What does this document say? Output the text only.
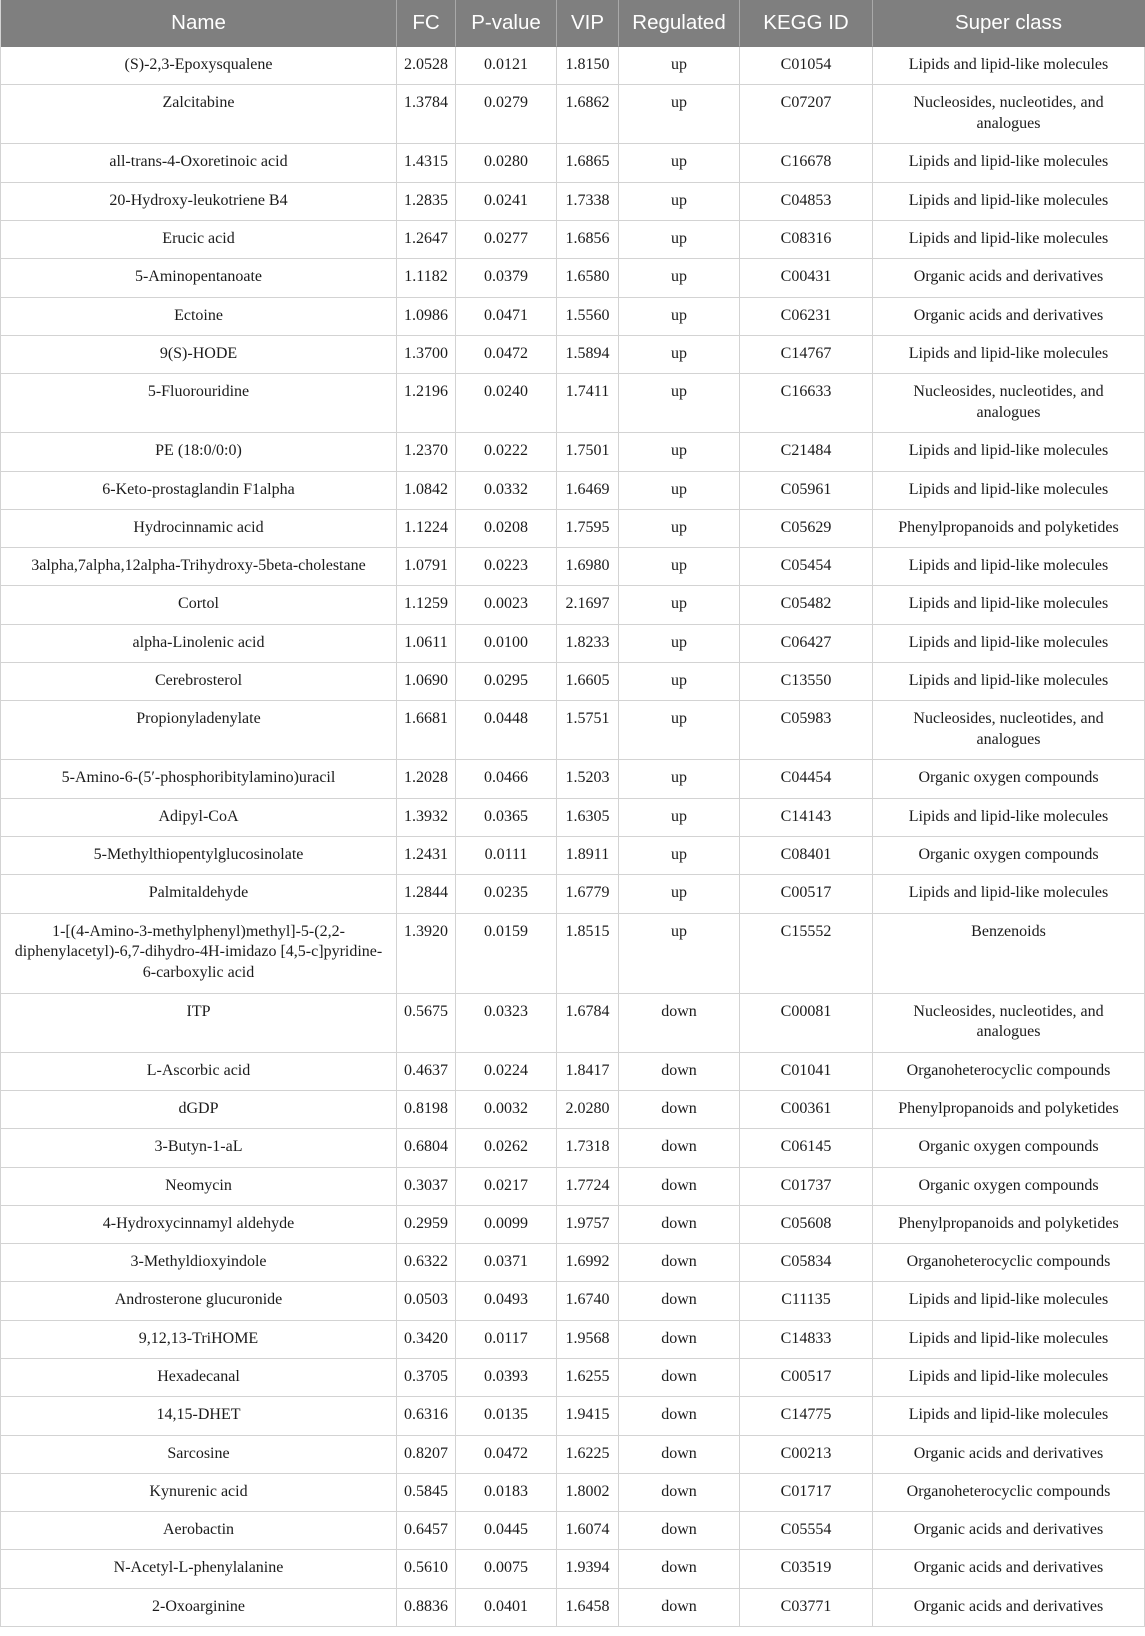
Name	FC	P-value	VIP	Regulated	KEGG ID	Super class
(S)-2,3-Epoxysqualene	2.0528	0.0121	1.8150	up	C01054	Lipids and lipid-like molecules
Zalcitabine	1.3784	0.0279	1.6862	up	C07207	Nucleosides, nucleotides, and analogues
all-trans-4-Oxoretinoic acid	1.4315	0.0280	1.6865	up	C16678	Lipids and lipid-like molecules
20-Hydroxy-leukotriene B4	1.2835	0.0241	1.7338	up	C04853	Lipids and lipid-like molecules
Erucic acid	1.2647	0.0277	1.6856	up	C08316	Lipids and lipid-like molecules
5-Aminopentanoate	1.1182	0.0379	1.6580	up	C00431	Organic acids and derivatives
Ectoine	1.0986	0.0471	1.5560	up	C06231	Organic acids and derivatives
9(S)-HODE	1.3700	0.0472	1.5894	up	C14767	Lipids and lipid-like molecules
5-Fluorouridine	1.2196	0.0240	1.7411	up	C16633	Nucleosides, nucleotides, and analogues
PE (18:0/0:0)	1.2370	0.0222	1.7501	up	C21484	Lipids and lipid-like molecules
6-Keto-prostaglandin F1alpha	1.0842	0.0332	1.6469	up	C05961	Lipids and lipid-like molecules
Hydrocinnamic acid	1.1224	0.0208	1.7595	up	C05629	Phenylpropanoids and polyketides
3alpha,7alpha,12alpha-Trihydroxy-5beta-cholestane	1.0791	0.0223	1.6980	up	C05454	Lipids and lipid-like molecules
Cortol	1.1259	0.0023	2.1697	up	C05482	Lipids and lipid-like molecules
alpha-Linolenic acid	1.0611	0.0100	1.8233	up	C06427	Lipids and lipid-like molecules
Cerebrosterol	1.0690	0.0295	1.6605	up	C13550	Lipids and lipid-like molecules
Propionyladenylate	1.6681	0.0448	1.5751	up	C05983	Nucleosides, nucleotides, and analogues
5-Amino-6-(5′-phosphoribitylamino)uracil	1.2028	0.0466	1.5203	up	C04454	Organic oxygen compounds
Adipyl-CoA	1.3932	0.0365	1.6305	up	C14143	Lipids and lipid-like molecules
5-Methylthiopentylglucosinolate	1.2431	0.0111	1.8911	up	C08401	Organic oxygen compounds
Palmitaldehyde	1.2844	0.0235	1.6779	up	C00517	Lipids and lipid-like molecules
1-[(4-Amino-3-methylphenyl)methyl]-5-(2,2-diphenylacetyl)-6,7-dihydro-4H-imidazo [4,5-c]pyridine-6-carboxylic acid	1.3920	0.0159	1.8515	up	C15552	Benzenoids
ITP	0.5675	0.0323	1.6784	down	C00081	Nucleosides, nucleotides, and analogues
L-Ascorbic acid	0.4637	0.0224	1.8417	down	C01041	Organoheterocyclic compounds
dGDP	0.8198	0.0032	2.0280	down	C00361	Phenylpropanoids and polyketides
3-Butyn-1-aL	0.6804	0.0262	1.7318	down	C06145	Organic oxygen compounds
Neomycin	0.3037	0.0217	1.7724	down	C01737	Organic oxygen compounds
4-Hydroxycinnamyl aldehyde	0.2959	0.0099	1.9757	down	C05608	Phenylpropanoids and polyketides
3-Methyldioxyindole	0.6322	0.0371	1.6992	down	C05834	Organoheterocyclic compounds
Androsterone glucuronide	0.0503	0.0493	1.6740	down	C11135	Lipids and lipid-like molecules
9,12,13-TriHOME	0.3420	0.0117	1.9568	down	C14833	Lipids and lipid-like molecules
Hexadecanal	0.3705	0.0393	1.6255	down	C00517	Lipids and lipid-like molecules
14,15-DHET	0.6316	0.0135	1.9415	down	C14775	Lipids and lipid-like molecules
Sarcosine	0.8207	0.0472	1.6225	down	C00213	Organic acids and derivatives
Kynurenic acid	0.5845	0.0183	1.8002	down	C01717	Organoheterocyclic compounds
Aerobactin	0.6457	0.0445	1.6074	down	C05554	Organic acids and derivatives
N-Acetyl-L-phenylalanine	0.5610	0.0075	1.9394	down	C03519	Organic acids and derivatives
2-Oxoarginine	0.8836	0.0401	1.6458	down	C03771	Organic acids and derivatives
